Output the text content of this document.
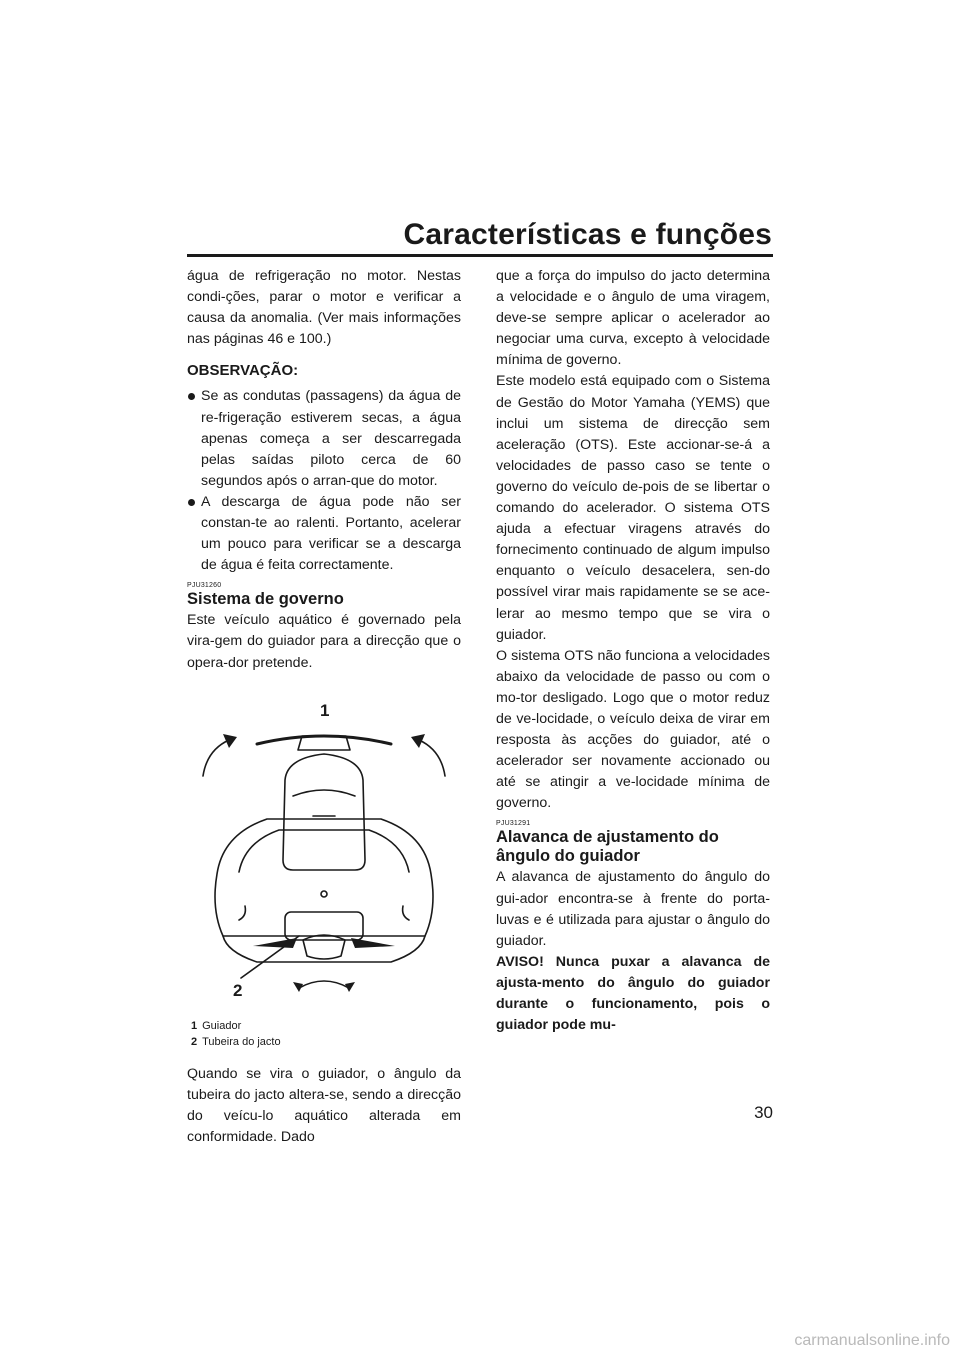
Características e funções

água de refrigeração no motor. Nestas condi-ções, parar o motor e verificar a causa da anomalia. (Ver mais informações nas páginas 46 e 100.)

OBSERVAÇÃO:

Se as condutas (passagens) da água de re-frigeração estiverem secas, a água apenas começa a ser descarregada pelas saídas piloto cerca de 60 segundos após o arran-que do motor.

A descarga de água pode não ser constan-te ao ralenti. Portanto, acelerar um pouco para verificar se a descarga de água é feita correctamente.

PJU31260
Sistema de governo

Este veículo aquático é governado pela vira-gem do guiador para a direcção que o opera-dor pretende.

1
2
1 Guiador
2 Tubeira do jacto

Quando se vira o guiador, o ângulo da tubeira do jacto altera-se, sendo a direcção do veícu-lo aquático alterada em conformidade. Dado

que a força do impulso do jacto determina a velocidade e o ângulo de uma viragem, deve-se sempre aplicar o acelerador ao negociar uma curva, excepto à velocidade mínima de governo.

Este modelo está equipado com o Sistema de Gestão do Motor Yamaha (YEMS) que inclui um sistema de direcção sem aceleração (OTS). Este accionar-se-á a velocidades de passo caso se tente o governo do veículo de-pois de se libertar o comando do acelerador. O sistema OTS ajuda a efectuar viragens através do fornecimento continuado de algum impulso enquanto o veículo desacelera, sen-do possível virar mais rapidamente se se ace-lerar ao mesmo tempo que se vira o guiador.

O sistema OTS não funciona a velocidades abaixo da velocidade de passo ou com o mo-tor desligado. Logo que o motor reduz de ve-locidade, o veículo deixa de virar em resposta às acções do guiador, até o acelerador ser novamente accionado ou até se atingir a ve-locidade mínima de governo.

PJU31291
Alavanca de ajustamento do ângulo do guiador

A alavanca de ajustamento do ângulo do gui-ador encontra-se à frente do porta-luvas e é utilizada para ajustar o ângulo do guiador.

AVISO! Nunca puxar a alavanca de ajusta-mento do ângulo do guiador durante o funcionamento, pois o guiador pode mu-

30
carmanualsonline.info
